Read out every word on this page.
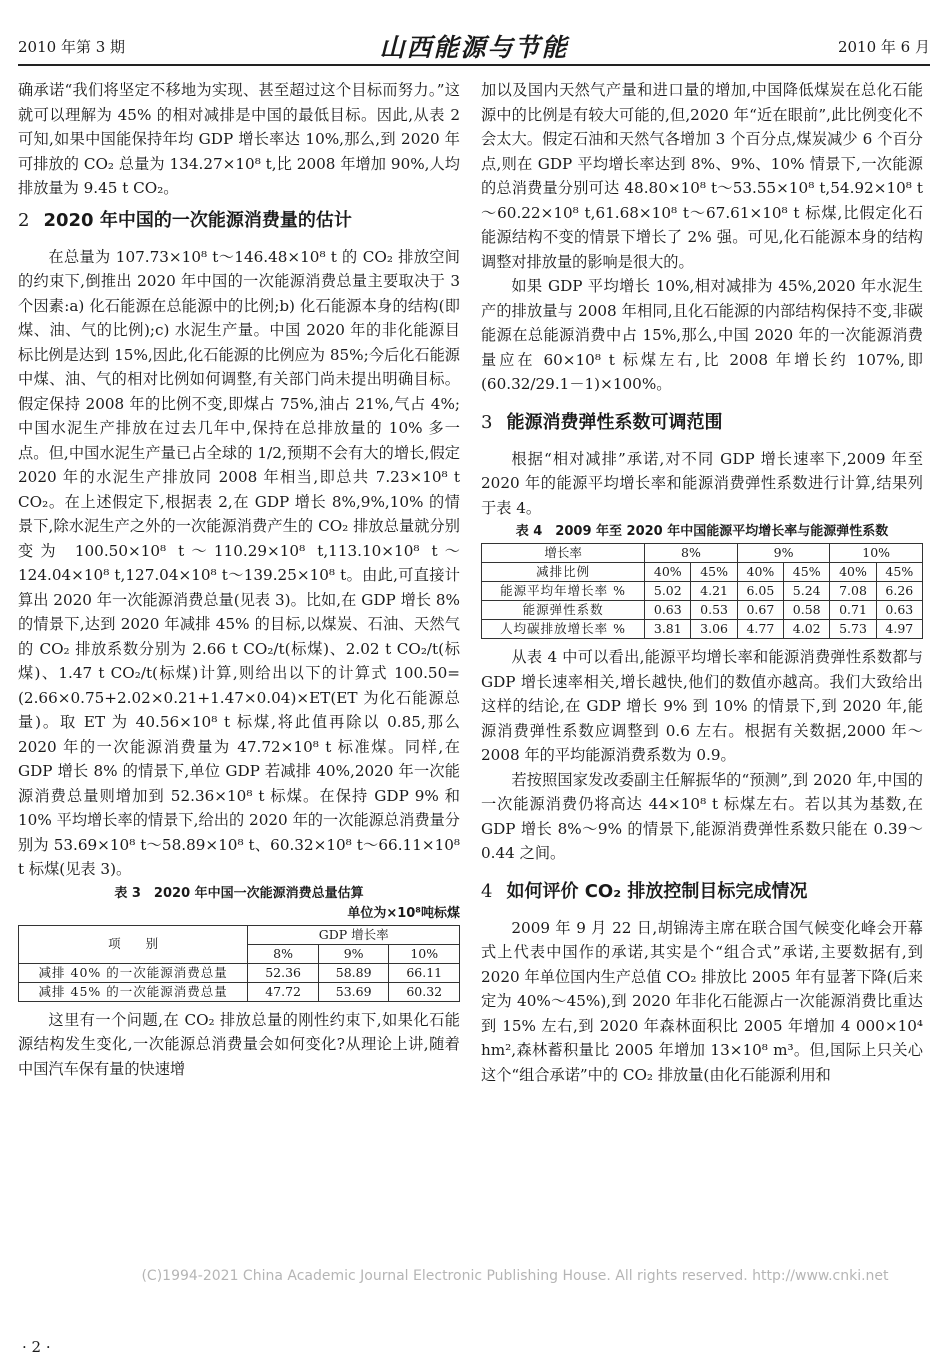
2010 年第 3 期	山西能源与节能	2010 年 6 月

确承诺“我们将坚定不移地为实现、甚至超过这个目标而努力。”这就可以理解为 45% 的相对减排是中国的最低目标。因此,从表 2 可知,如果中国能保持年均 GDP 增长率达 10%,那么,到 2020 年可排放的 CO₂ 总量为 134.27×10⁸ t,比 2008 年增加 90%,人均排放量为 9.45 t CO₂。

2 2020 年中国的一次能源消费量的估计

在总量为 107.73×10⁸ t～146.48×10⁸ t 的 CO₂ 排放空间的约束下,倒推出 2020 年中国的一次能源消费总量主要取决于 3 个因素:a) 化石能源在总能源中的比例;b) 化石能源本身的结构(即煤、油、气的比例);c) 水泥生产量。中国 2020 年的非化能源目标比例是达到 15%,因此,化石能源的比例应为 85%;今后化石能源中煤、油、气的相对比例如何调整,有关部门尚未提出明确目标。假定保持 2008 年的比例不变,即煤占 75%,油占 21%,气占 4%;中国水泥生产排放在过去几年中,保持在总排放量的 10% 多一点。但,中国水泥生产量已占全球的 1/2,预期不会有大的增长,假定 2020 年的水泥生产排放同 2008 年相当,即总共 7.23×10⁸ t CO₂。在上述假定下,根据表 2,在 GDP 增长 8%,9%,10% 的情景下,除水泥生产之外的一次能源消费产生的 CO₂ 排放总量就分别变为 100.50×10⁸ t～110.29×10⁸ t,113.10×10⁸ t～124.04×10⁸ t,127.04×10⁸ t～139.25×10⁸ t。由此,可直接计算出 2020 年一次能源消费总量(见表 3)。比如,在 GDP 增长 8% 的情景下,达到 2020 年减排 45% 的目标,以煤炭、石油、天然气的 CO₂ 排放系数分别为 2.66 t CO₂/t(标煤)、2.02 t CO₂/t(标煤)、1.47 t CO₂/t(标煤)计算,则给出以下的计算式 100.50=(2.66×0.75+2.02×0.21+1.47×0.04)×ET(ET 为化石能源总量)。取 ET 为 40.56×10⁸ t 标煤,将此值再除以 0.85,那么 2020 年的一次能源消费量为 47.72×10⁸ t 标准煤。同样,在 GDP 增长 8% 的情景下,单位 GDP 若减排 40%,2020 年一次能源消费总量则增加到 52.36×10⁸ t 标煤。在保持 GDP 9% 和 10% 平均增长率的情景下,给出的 2020 年的一次能源总消费量分别为 53.69×10⁸ t～58.89×10⁸ t、60.32×10⁸ t～66.11×10⁸ t 标煤(见表 3)。

表 3　2020 年中国一次能源消费总量估算
单位为×10⁸吨标煤
项　　别	GDP 增长率		
	8%	9%	10%
减排 40% 的一次能源消费总量	52.36	58.89	66.11
减排 45% 的一次能源消费总量	47.72	53.69	60.32

这里有一个问题,在 CO₂ 排放总量的刚性约束下,如果化石能源结构发生变化,一次能源总消费量会如何变化?从理论上讲,随着中国汽车保有量的快速增

加以及国内天然气产量和进口量的增加,中国降低煤炭在总化石能源中的比例是有较大可能的,但,2020 年“近在眼前”,此比例变化不会太大。假定石油和天然气各增加 3 个百分点,煤炭减少 6 个百分点,则在 GDP 平均增长率达到 8%、9%、10% 情景下,一次能源的总消费量分别可达 48.80×10⁸ t～53.55×10⁸ t,54.92×10⁸ t～60.22×10⁸ t,61.68×10⁸ t～67.61×10⁸ t 标煤,比假定化石能源结构不变的情景下增长了 2% 强。可见,化石能源本身的结构调整对排放量的影响是很大的。

如果 GDP 平均增长 10%,相对减排为 45%,2020 年水泥生产的排放量与 2008 年相同,且化石能源的内部结构保持不变,非碳能源在总能源消费中占 15%,那么,中国 2020 年的一次能源消费量应在 60×10⁸ t 标煤左右,比 2008 年增长约 107%,即(60.32/29.1－1)×100%。

3 能源消费弹性系数可调范围

根据“相对减排”承诺,对不同 GDP 增长速率下,2009 年至 2020 年的能源平均增长率和能源消费弹性系数进行计算,结果列于表 4。

表 4　2009 年至 2020 年中国能源平均增长率与能源弹性系数
增长率	8%		9%		10%	
减排比例	40%	45%	40%	45%	40%	45%
能源平均年增长率 %	5.02	4.21	6.05	5.24	7.08	6.26
能源弹性系数	0.63	0.53	0.67	0.58	0.71	0.63
人均碳排放增长率 %	3.81	3.06	4.77	4.02	5.73	4.97

从表 4 中可以看出,能源平均增长率和能源消费弹性系数都与 GDP 增长速率相关,增长越快,他们的数值亦越高。我们大致给出这样的结论,在 GDP 增长 9% 到 10% 的情景下,到 2020 年,能源消费弹性系数应调整到 0.6 左右。根据有关数据,2000 年～2008 年的平均能源消费系数为 0.9。

若按照国家发改委副主任解振华的“预测”,到 2020 年,中国的一次能源消费仍将高达 44×10⁸ t 标煤左右。若以其为基数,在 GDP 增长 8%～9% 的情景下,能源消费弹性系数只能在 0.39～0.44 之间。

4 如何评价 CO₂ 排放控制目标完成情况

2009 年 9 月 22 日,胡锦涛主席在联合国气候变化峰会开幕式上代表中国作的承诺,其实是个“组合式”承诺,主要数据有,到 2020 年单位国内生产总值 CO₂ 排放比 2005 年有显著下降(后来定为 40%～45%),到 2020 年非化石能源占一次能源消费比重达到 15% 左右,到 2020 年森林面积比 2005 年增加 4 000×10⁴ hm²,森林蓄积量比 2005 年增加 13×10⁸ m³。但,国际上只关心这个“组合承诺”中的 CO₂ 排放量(由化石能源利用和

(C)1994-2021 China Academic Journal Electronic Publishing House. All rights reserved. http://www.cnki.net
· 2 ·
